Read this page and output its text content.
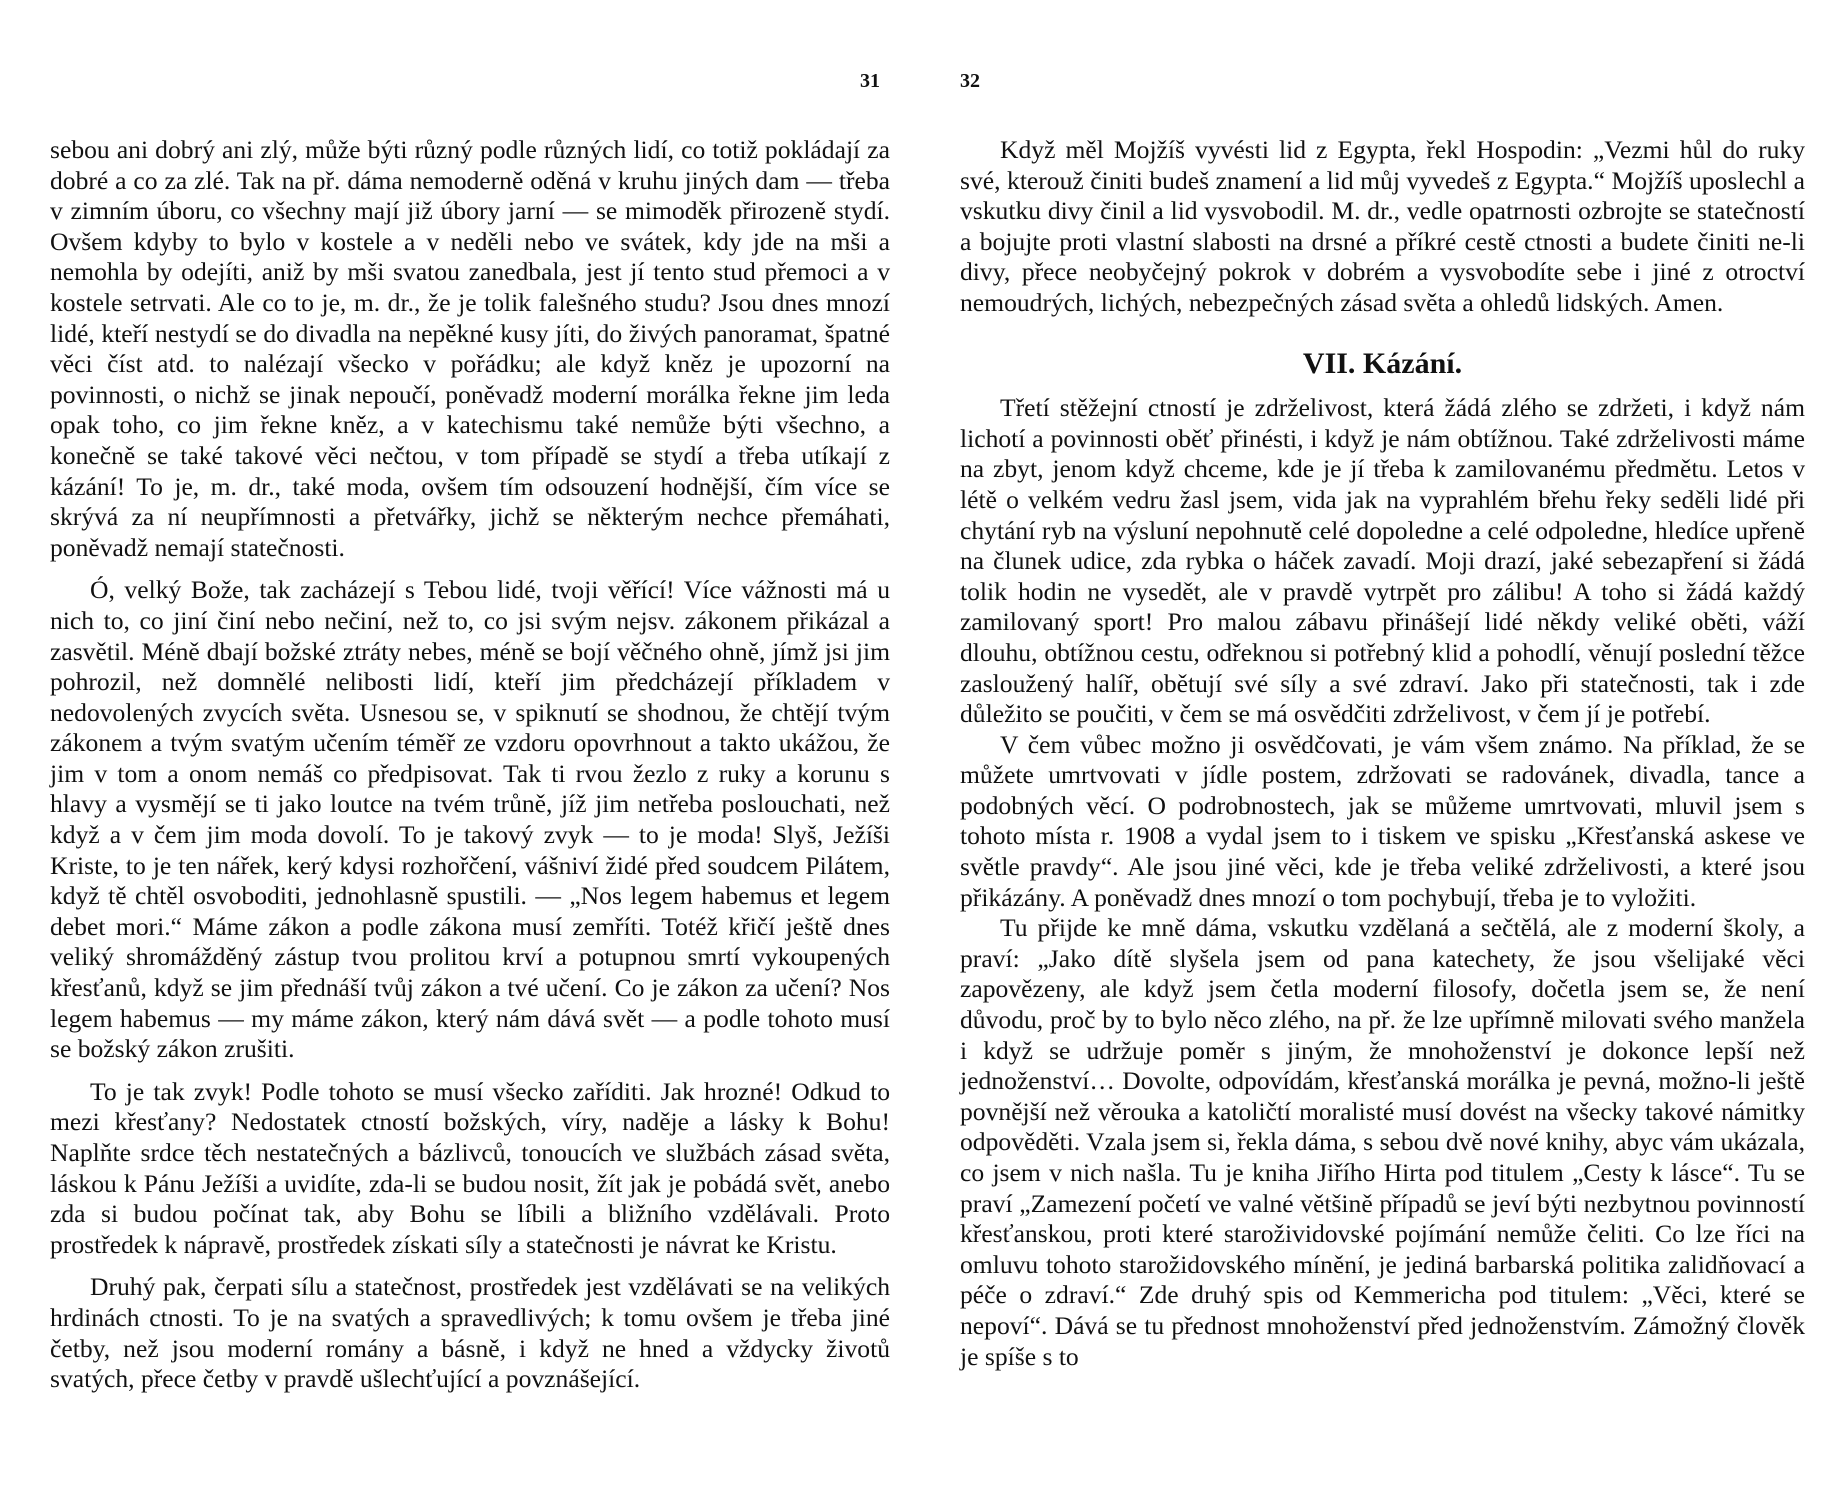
31

sebou ani dobrý ani zlý, může býti různý podle různých lidí, co totiž pokládají za dobré a co za zlé. Tak na př. dáma nemoderně oděná v kruhu jiných dam — třeba v zimním úboru, co všechny mají již úbory jarní — se mimoděk přirozeně stydí. Ovšem kdyby to bylo v kostele a v neděli nebo ve svátek, kdy jde na mši a nemohla by odejíti, aniž by mši svatou zanedbala, jest jí tento stud přemoci a v kostele setrvati. Ale co to je, m. dr., že je tolik falešného studu? Jsou dnes mnozí lidé, kteří nestydí se do divadla na nepěkné kusy jíti, do živých panoramat, špatné věci číst atd. to nalézají všecko v pořádku; ale když kněz je upozorní na povinnosti, o nichž se jinak nepoučí, poněvadž moderní morálka řekne jim leda opak toho, co jim řekne kněz, a v katechismu také nemůže býti všechno, a konečně se také takové věci nečtou, v tom případě se stydí a třeba utíkají z kázání! To je, m. dr., také moda, ovšem tím odsouzení hodnější, čím více se skrývá za ní neupřímnosti a přetvářky, jichž se některým nechce přemáhati, poněvadž nemají statečnosti.

Ó, velký Bože, tak zacházejí s Tebou lidé, tvoji věřící! Více vážnosti má u nich to, co jiní činí nebo nečiní, než to, co jsi svým nejsv. zákonem přikázal a zasvětil. Méně dbají božské ztráty nebes, méně se bojí věčného ohně, jímž jsi jim pohrozil, než domnělé nelibosti lidí, kteří jim předcházejí příkladem v nedovolených zvycích světa. Usnesou se, v spiknutí se shodnou, že chtějí tvým zákonem a tvým svatým učením téměř ze vzdoru opovrhnout a takto ukážou, že jim v tom a onom nemáš co předpisovat. Tak ti rvou žezlo z ruky a korunu s hlavy a vysmějí se ti jako loutce na tvém trůně, jíž jim netřeba poslouchati, než když a v čem jim moda dovolí. To je takový zvyk — to je moda! Slyš, Ježíši Kriste, to je ten nářek, kerý kdysi rozhořčení, vášniví židé před soudcem Pilátem, když tě chtěl osvoboditi, jednohlasně spustili. — „Nos legem habemus et legem debet mori.“ Máme zákon a podle zákona musí zemříti. Totéž křičí ještě dnes veliký shromážděný zástup tvou prolitou krví a potupnou smrtí vykoupených křesťanů, když se jim přednáší tvůj zákon a tvé učení. Co je zákon za učení? Nos legem habemus — my máme zákon, který nám dává svět — a podle tohoto musí se božský zákon zrušiti.

To je tak zvyk! Podle tohoto se musí všecko zaříditi. Jak hrozné! Odkud to mezi křesťany? Nedostatek ctností božských, víry, naděje a lásky k Bohu! Naplňte srdce těch nestatečných a bázlivců, tonoucích ve službách zásad světa, láskou k Pánu Ježíši a uvidíte, zda-li se budou nosit, žít jak je pobádá svět, anebo zda si budou počínat tak, aby Bohu se líbili a bližního vzdělávali. Proto prostředek k nápravě, prostředek získati síly a statečnosti je návrat ke Kristu.

Druhý pak, čerpati sílu a statečnost, prostředek jest vzdělávati se na velikých hrdinách ctnosti. To je na svatých a spravedlivých; k tomu ovšem je třeba jiné četby, než jsou moderní romány a básně, i když ne hned a vždycky životů svatých, přece četby v pravdě ušlechťující a povznášející.

32

Když měl Mojžíš vyvésti lid z Egypta, řekl Hospodin: „Vezmi hůl do ruky své, kterouž činiti budeš znamení a lid můj vyvedeš z Egypta.“ Mojžíš uposlechl a vskutku divy činil a lid vysvobodil. M. dr., vedle opatrnosti ozbrojte se statečností a bojujte proti vlastní slabosti na drsné a příkré cestě ctnosti a budete činiti ne-li divy, přece neobyčejný pokrok v dobrém a vysvobodíte sebe i jiné z otroctví nemoudrých, lichých, nebezpečných zásad světa a ohledů lidských. Amen.

VII. Kázání.

Třetí stěžejní ctností je zdrželivost, která žádá zlého se zdržeti, i když nám lichotí a povinnosti oběť přinésti, i když je nám obtížnou. Také zdrželivosti máme na zbyt, jenom když chceme, kde je jí třeba k zamilovanému předmětu. Letos v létě o velkém vedru žasl jsem, vida jak na vyprahlém břehu řeky seděli lidé při chytání ryb na výsluní nepohnutě celé dopoledne a celé odpoledne, hledíce upřeně na člunek udice, zda rybka o háček zavadí. Moji drazí, jaké sebezapření si žádá tolik hodin ne vysedět, ale v pravdě vytrpět pro zálibu! A toho si žádá každý zamilovaný sport! Pro malou zábavu přinášejí lidé někdy veliké oběti, váží dlouhu, obtížnou cestu, odřeknou si potřebný klid a pohodlí, věnují poslední těžce zasloužený halíř, obětují své síly a své zdraví. Jako při statečnosti, tak i zde důležito se poučiti, v čem se má osvědčiti zdrželivost, v čem jí je potřebí.

V čem vůbec možno ji osvědčovati, je vám všem známo. Na příklad, že se můžete umrtvovati v jídle postem, zdržovati se radovánek, divadla, tance a podobných věcí. O podrobnostech, jak se můžeme umrtvovati, mluvil jsem s tohoto místa r. 1908 a vydal jsem to i tiskem ve spisku „Křesťanská askese ve světle pravdy“. Ale jsou jiné věci, kde je třeba veliké zdrželivosti, a které jsou přikázány. A poněvadž dnes mnozí o tom pochybují, třeba je to vyložiti.

Tu přijde ke mně dáma, vskutku vzdělaná a sečtělá, ale z moderní školy, a praví: „Jako dítě slyšela jsem od pana katechety, že jsou všelijaké věci zapovězeny, ale když jsem četla moderní filosofy, dočetla jsem se, že není důvodu, proč by to bylo něco zlého, na př. že lze upřímně milovati svého manžela i když se udržuje poměr s jiným, že mnohoženství je dokonce lepší než jednoženství… Dovolte, odpovídám, křesťanská morálka je pevná, možno-li ještě povnější než věrouka a katoličtí moralisté musí dovést na všecky takové námitky odpověděti. Vzala jsem si, řekla dáma, s sebou dvě nové knihy, abyc vám ukázala, co jsem v nich našla. Tu je kniha Jiřího Hirta pod titulem „Cesty k lásce“. Tu se praví „Zamezení početí ve valné většině případů se jeví býti nezbytnou povinností křesťanskou, proti které starožividovské pojímání nemůže čeliti. Co lze říci na omluvu tohoto starožidovského mínění, je jediná barbarská politika zalidňovací a péče o zdraví.“ Zde druhý spis od Kemmericha pod titulem: „Věci, které se nepoví“. Dává se tu přednost mnohoženství před jednoženstvím. Zámožný člověk je spíše s to
